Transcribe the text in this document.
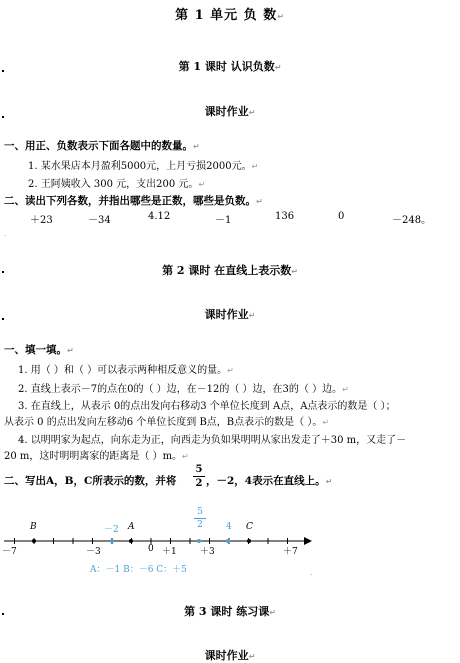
第 1 单元 负 数↵
第 1 课时 认识负数↵
课时作业↵
一、用正、负数表示下面各题中的数量。↵
1. 某水果店本月盈利5000元，上月亏损2000元。↵
2. 王阿姨收入 300 元，支出200 元。↵
二、读出下列各数，并指出哪些是正数，哪些是负数。↵
＋23	－34	4.12	－1	136	0	－248。
.
第 2 课时 在直线上表示数↵
课时作业↵
一、填一填。↵
1. 用（ ）和（ ）可以表示两种相反意义的量。↵
2. 直线上表示－7的点在0的（ ）边，在－12的（ ）边，在3的（ ）边。↵
3. 在直线上，从表示 0的点出发向右移动3 个单位长度到 A点，A点表示的数是（ ）；
从表示 0 的点出发向左移动6 个单位长度到 B点，B点表示的数是（ ）。↵
4. 以明明家为起点，向东走为正，向西走为负如果明明从家出发走了＋30 m，又走了－
20 m，这时明明离家的距离是（ ）m。↵
二、写出A，B，C所表示的数，并将
5
2 ，－2，4表示在直线上。↵
B	A	C
－2	4
5
2
－7	－3	0 ＋1	＋3	＋7
A：－1 B：－6 C：＋5	.
第 3 课时 练习课↵
课时作业↵
